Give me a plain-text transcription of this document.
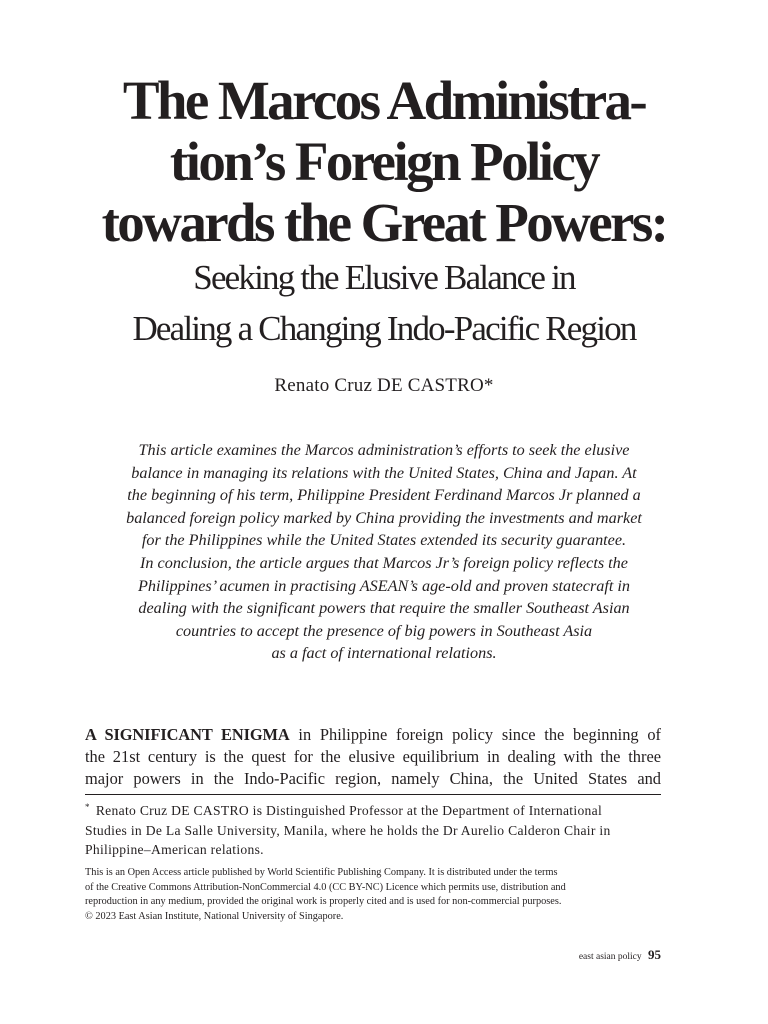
The Marcos Administra-
tion’s Foreign Policy
towards the Great Powers:
Seeking the Elusive Balance in
Dealing a Changing Indo-Pacific Region
Renato Cruz DE CASTRO*
This article examines the Marcos administration’s efforts to seek the elusive
balance in managing its relations with the United States, China and Japan. At
the beginning of his term, Philippine President Ferdinand Marcos Jr planned a
balanced foreign policy marked by China providing the investments and market
for the Philippines while the United States extended its security guarantee.
In conclusion, the article argues that Marcos Jr’s foreign policy reflects the
Philippines’ acumen in practising ASEAN’s age-old and proven statecraft in
dealing with the significant powers that require the smaller Southeast Asian
countries to accept the presence of big powers in Southeast Asia
as a fact of international relations.

A SIGNIFICANT ENIGMA in Philippine foreign policy since the beginning of
the 21st century is the quest for the elusive equilibrium in dealing with the three
major powers in the Indo-Pacific region, namely China, the United States and

* Renato Cruz DE CASTRO is Distinguished Professor at the Department of International
Studies in De La Salle University, Manila, where he holds the Dr Aurelio Calderon Chair in
Philippine–American relations.
This is an Open Access article published by World Scientific Publishing Company. It is distributed under the terms
of the Creative Commons Attribution-NonCommercial 4.0 (CC BY-NC) Licence which permits use, distribution and
reproduction in any medium, provided the original work is properly cited and is used for non-commercial purposes.
© 2023 East Asian Institute, National University of Singapore.
east asian policy 95
